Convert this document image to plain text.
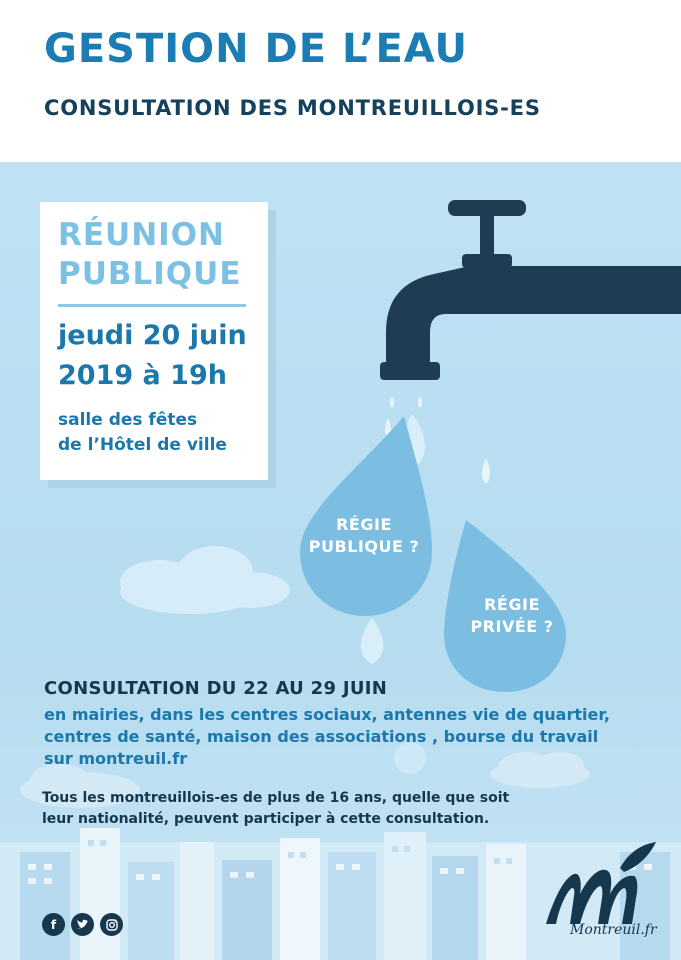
GESTION DE L’EAU
CONSULTATION DES MONTREUILLOIS-ES
RÉUNION
PUBLIQUE
jeudi 20 juin
2019 à 19h
salle des fêtes
de l’Hôtel de ville
RÉGIE
PUBLIQUE ?
RÉGIE
PRIVÉE ?
CONSULTATION DU 22 AU 29 JUIN
en mairies, dans les centres sociaux, antennes vie de quartier,
centres de santé, maison des associations , bourse du travail
sur montreuil.fr
Tous les montreuillois-es de plus de 16 ans, quelle que soit
leur nationalité, peuvent participer à cette consultation.
f	Montreuil.fr
